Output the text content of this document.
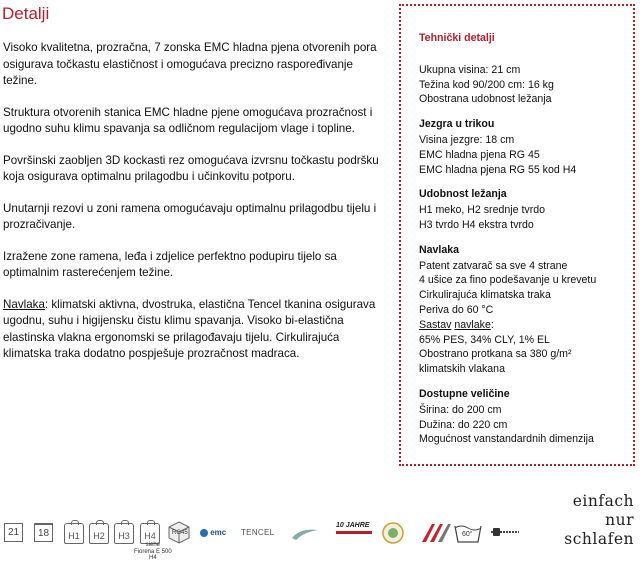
Detalji

Visoko kvalitetna, prozračna, 7 zonska EMC hladna pjena otvorenih pora osigurava točkastu elastičnost i omogućava precizno raspoređivanje težine.

Struktura otvorenih stanica EMC hladne pjene omogućava prozračnost i ugodno suhu klimu spavanja sa odličnom regulacijom vlage i topline.

Površinski zaobljen 3D kockasti rez omogućava izvrsnu točkastu podršku koja osigurava optimalnu prilagodbu i učinkovitu potporu.

Unutarnji rezovi u zoni ramena omogućavaju optimalnu prilagodbu tijelu i prozračivanje.

Izražene zone ramena, leđa i zdjelice perfektno podupiru tijelo sa optimalnim rasterećenjem težine.

Navlaka: klimatski aktivna, dvostruka, elastična Tencel tkanina osigurava ugodnu, suhu i higijensku čistu klimu spavanja. Visoko bi-elastična elastinska vlakna ergonomski se prilagođavaju tijelu. Cirkulirajuća klimatska traka dodatno pospješuje prozračnost madraca.

Tehnički detalji
Ukupna visina: 21 cm
Težina kod 90/200 cm: 16 kg
Obostrana udobnost ležanja
Jezgra u trikou
Visina jezgre: 18 cm
EMC hladna pjena RG 45
EMC hladna pjena RG 55 kod H4
Udobnost ležanja
H1 meko, H2 srednje tvrdo
H3 tvrdo H4 ekstra tvrdo
Navlaka
Patent zatvarač sa sve 4 strane
4 ušice za fino podešavanje u krevetu
Cirkulirajuća klimatska traka
Periva do 60 °C
Sastav navlake:
65% PES, 34% CLY, 1% EL
Obostrano protkana sa 380 g/m²
klimatskih vlakana
Dostupne veličine
Širina: do 200 cm
Dužina: do 220 cm
Mogućnost vanstandardnih dimenzija
einfach
nur
schlafen
21	18	H1	H2	H3	H4	RG45	emc TENCEL
10 JAHRE
60°
siehe
Fiorena E 500
H4
